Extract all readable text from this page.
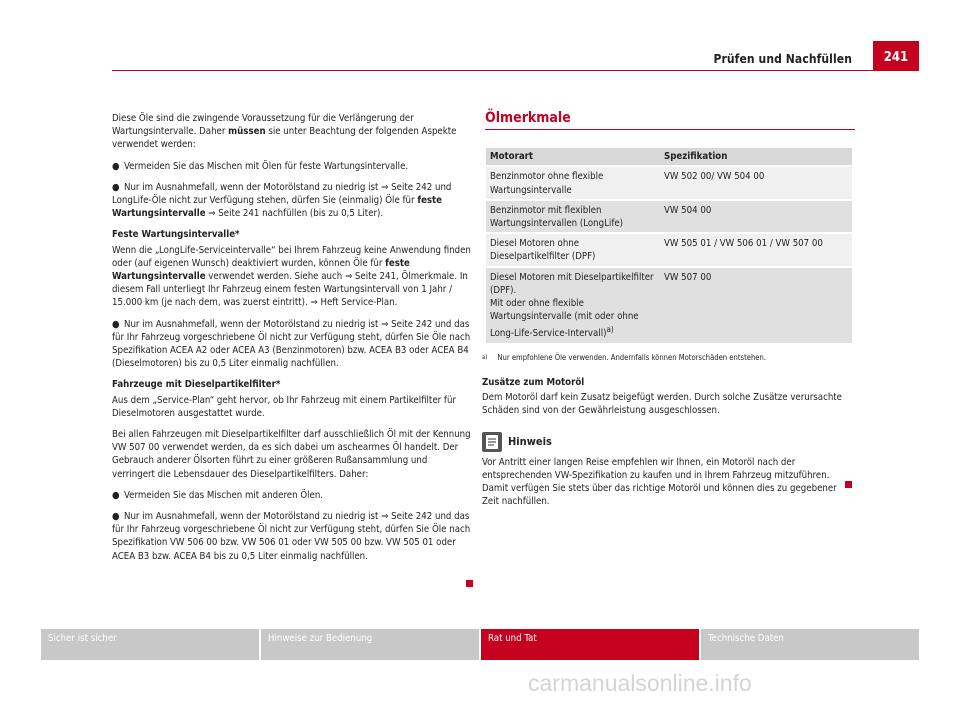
Prüfen und Nachfüllen	241

Diese Öle sind die zwingende Voraussetzung für die Verlängerung der Wartungsintervalle. Daher müssen sie unter Beachtung der folgenden Aspekte verwendet werden:

● Vermeiden Sie das Mischen mit Ölen für feste Wartungsintervalle.

● Nur im Ausnahmefall, wenn der Motorölstand zu niedrig ist ⇒ Seite 242 und LongLife-Öle nicht zur Verfügung stehen, dürfen Sie (einmalig) Öle für feste Wartungsintervalle ⇒ Seite 241 nachfüllen (bis zu 0,5 Liter).

Feste Wartungsintervalle*

Wenn die „LongLife-Serviceintervalle“ bei Ihrem Fahrzeug keine Anwendung finden oder (auf eigenen Wunsch) deaktiviert wurden, können Öle für feste Wartungsintervalle verwendet werden. Siehe auch ⇒ Seite 241, Ölmerkmale. In diesem Fall unterliegt Ihr Fahrzeug einem festen Wartungsintervall von 1 Jahr / 15.000 km (je nach dem, was zuerst eintritt). ⇒ Heft Service-Plan.

● Nur im Ausnahmefall, wenn der Motorölstand zu niedrig ist ⇒ Seite 242 und das für Ihr Fahrzeug vorgeschriebene Öl nicht zur Verfügung steht, dürfen Sie Öle nach Spezifikation ACEA A2 oder ACEA A3 (Benzinmotoren) bzw. ACEA B3 oder ACEA B4 (Dieselmotoren) bis zu 0,5 Liter einmalig nachfüllen.

Fahrzeuge mit Dieselpartikelfilter*

Aus dem „Service-Plan“ geht hervor, ob Ihr Fahrzeug mit einem Partikelfilter für Dieselmotoren ausgestattet wurde.

Bei allen Fahrzeugen mit Dieselpartikelfilter darf ausschließlich Öl mit der Kennung VW 507 00 verwendet werden, da es sich dabei um aschearmes Öl handelt. Der Gebrauch anderer Ölsorten führt zu einer größeren Rußansammlung und verringert die Lebensdauer des Dieselpartikelfilters. Daher:

● Vermeiden Sie das Mischen mit anderen Ölen.

● Nur im Ausnahmefall, wenn der Motorölstand zu niedrig ist ⇒ Seite 242 und das für Ihr Fahrzeug vorgeschriebene Öl nicht zur Verfügung steht, dürfen Sie Öle nach Spezifikation VW 506 00 bzw. VW 506 01 oder VW 505 00 bzw. VW 505 01 oder ACEA B3 bzw. ACEA B4 bis zu 0,5 Liter einmalig nachfüllen.

Ölmerkmale
Motorart	Spezifikation
Benzinmotor ohne flexible Wartungsintervalle	VW 502 00/ VW 504 00
Benzinmotor mit flexiblen Wartungsintervallen (LongLife)	VW 504 00
Diesel Motoren ohne Dieselpartikelfilter (DPF)	VW 505 01 / VW 506 01 / VW 507 00
Diesel Motoren mit Dieselpartikelfilter (DPF).
Mit oder ohne flexible Wartungsintervalle (mit oder ohne Long-Life-Service-Intervall)$^{a)}$	VW 507 00
a) Nur empfohlene Öle verwenden. Andernfalls können Motorschäden entstehen.
Zusätze zum Motoröl

Dem Motoröl darf kein Zusatz beigefügt werden. Durch solche Zusätze verursachte Schäden sind von der Gewährleistung ausgeschlossen.

Hinweis

Vor Antritt einer langen Reise empfehlen wir Ihnen, ein Motoröl nach der entsprechenden VW-Spezifikation zu kaufen und in Ihrem Fahrzeug mitzuführen. Damit verfügen Sie stets über das richtige Motoröl und können dies zu gegebener Zeit nachfüllen.

Sicher ist sicher	Hinweise zur Bedienung	Rat und Tat	Technische Daten
carmanualsonline.info
